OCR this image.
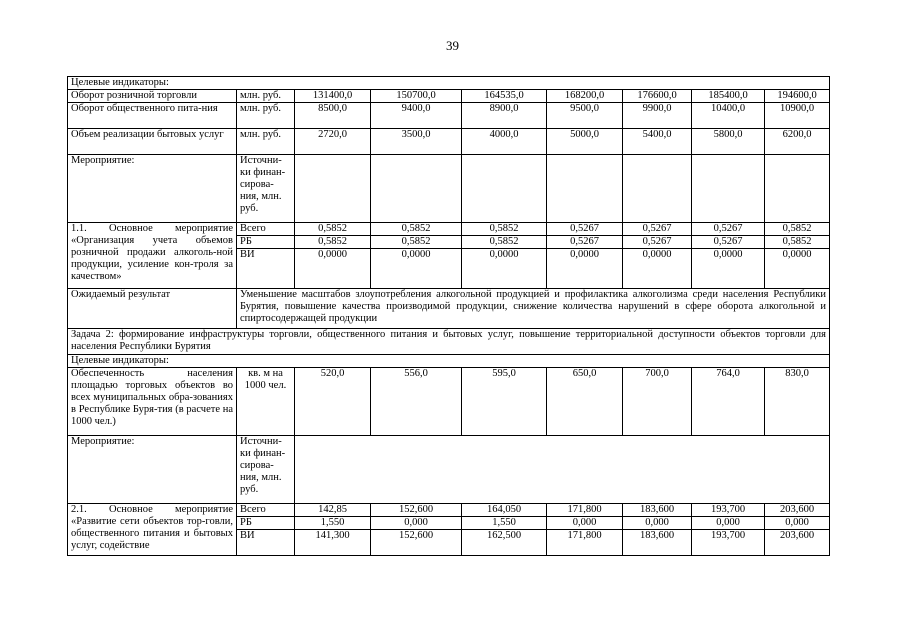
39
Целевые индикаторы:								
Оборот розничной торговли	млн. руб.	131400,0	150700,0	164535,0	168200,0	176600,0	185400,0	194600,0
Оборот общественного пита-ния	млн. руб.	8500,0	9400,0	8900,0	9500,0	9900,0	10400,0	10900,0
Объем реализации бытовых услуг	млн. руб.	2720,0	3500,0	4000,0	5000,0	5400,0	5800,0	6200,0
Мероприятие:	Источни-ки финан-сирова-ния, млн. руб.							
1.1. Основное мероприятие «Организация учета объемов розничной продажи алкоголь-ной продукции, усиление кон-троля за качеством»	Всего	0,5852	0,5852	0,5852	0,5267	0,5267	0,5267	0,5852
	РБ	0,5852	0,5852	0,5852	0,5267	0,5267	0,5267	0,5852
	ВИ	0,0000	0,0000	0,0000	0,0000	0,0000	0,0000	0,0000
Ожидаемый результат	Уменьшение масштабов злоупотребления алкогольной продукцией и профилактика алкоголизма среди населения Республики Бурятия, повышение качества производимой продукции, снижение количества нарушений в сфере оборота алкогольной и спиртосодержащей продукции							
Задача 2: формирование инфраструктуры торговли, общественного питания и бытовых услуг, повышение территориальной доступности объектов торговли для населения Республики Бурятия								
Целевые индикаторы:								
Обеспеченность населения площадью торговых объектов во всех муниципальных обра-зованиях в Республике Буря-тия (в расчете на 1000 чел.)	кв. м на 1000 чел.	520,0	556,0	595,0	650,0	700,0	764,0	830,0
Мероприятие:	Источни-ки финан-сирова-ния, млн. руб.							
2.1. Основное мероприятие «Развитие сети объектов тор-говли, общественного питания и бытовых услуг, содействие	Всего	142,85	152,600	164,050	171,800	183,600	193,700	203,600
	РБ	1,550	0,000	1,550	0,000	0,000	0,000	0,000
	ВИ	141,300	152,600	162,500	171,800	183,600	193,700	203,600
